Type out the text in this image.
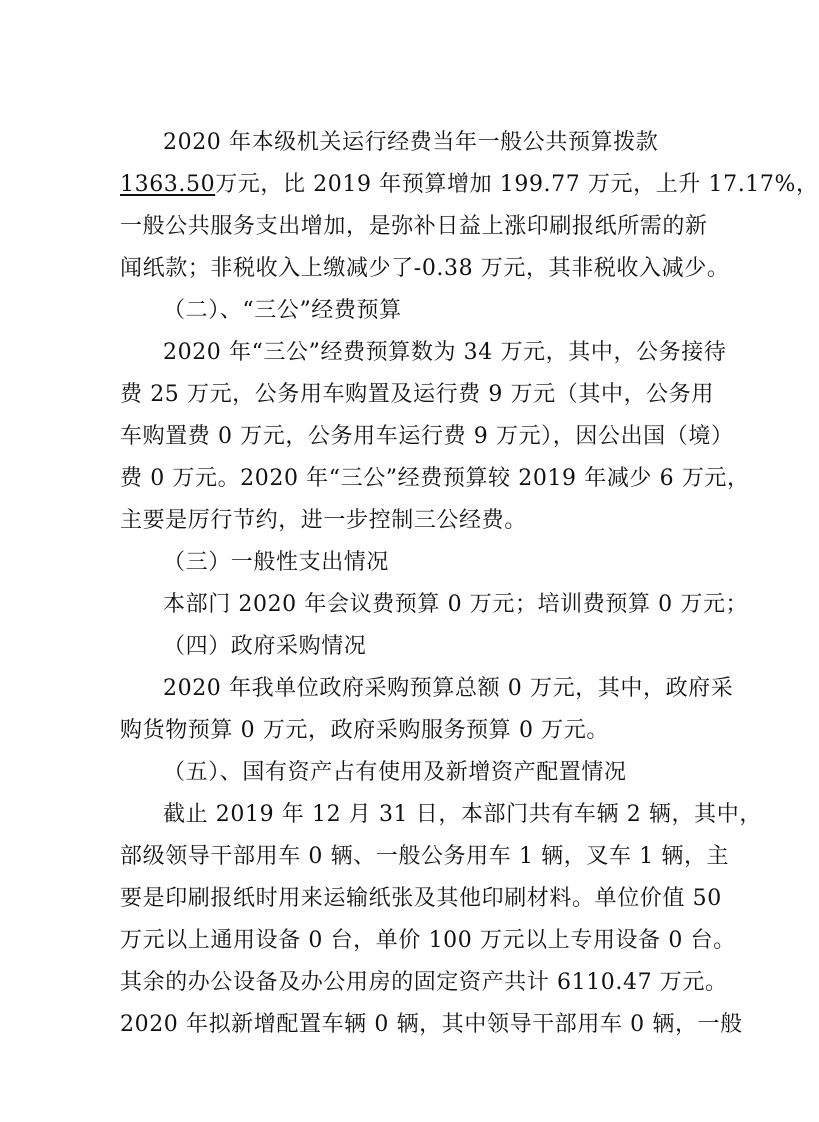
2020 年本级机关运行经费当年一般公共预算拨款
1363.50万元，比 2019 年预算增加 199.77 万元，上升 17.17%，
一般公共服务支出增加，是弥补日益上涨印刷报纸所需的新
闻纸款；非税收入上缴减少了-0.38 万元，其非税收入减少。
（二）、“三公”经费预算
2020 年“三公”经费预算数为 34 万元，其中，公务接待
费 25 万元，公务用车购置及运行费 9 万元（其中，公务用
车购置费 0 万元，公务用车运行费 9 万元），因公出国（境）
费 0 万元。2020 年“三公”经费预算较 2019 年减少 6 万元，
主要是厉行节约，进一步控制三公经费。
（三）一般性支出情况
本部门 2020 年会议费预算 0 万元；培训费预算 0 万元；
（四）政府采购情况
2020 年我单位政府采购预算总额 0 万元，其中，政府采
购货物预算 0 万元，政府采购服务预算 0 万元。
（五）、国有资产占有使用及新增资产配置情况
截止 2019 年 12 月 31 日，本部门共有车辆 2 辆，其中，
部级领导干部用车 0 辆、一般公务用车 1 辆，叉车 1 辆，主
要是印刷报纸时用来运输纸张及其他印刷材料。单位价值 50
万元以上通用设备 0 台，单价 100 万元以上专用设备 0 台。
其余的办公设备及办公用房的固定资产共计 6110.47 万元。
2020 年拟新增配置车辆 0 辆，其中领导干部用车 0 辆，一般
